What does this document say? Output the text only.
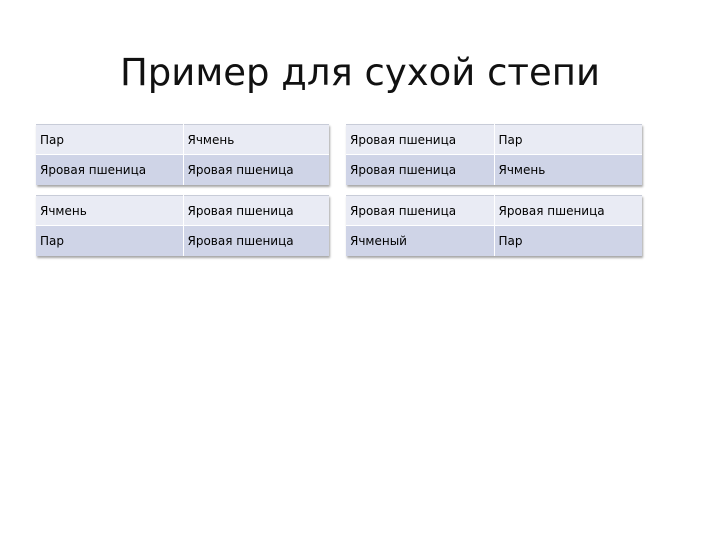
Пример для сухой степи
Пар	Ячмень
Яровая пшеница	Яровая пшеница
Яровая пшеница	Пар
Яровая пшеница	Ячмень
Ячмень	Яровая пшеница
Пар	Яровая пшеница
Яровая пшеница	Яровая пшеница
Ячменый	Пар
